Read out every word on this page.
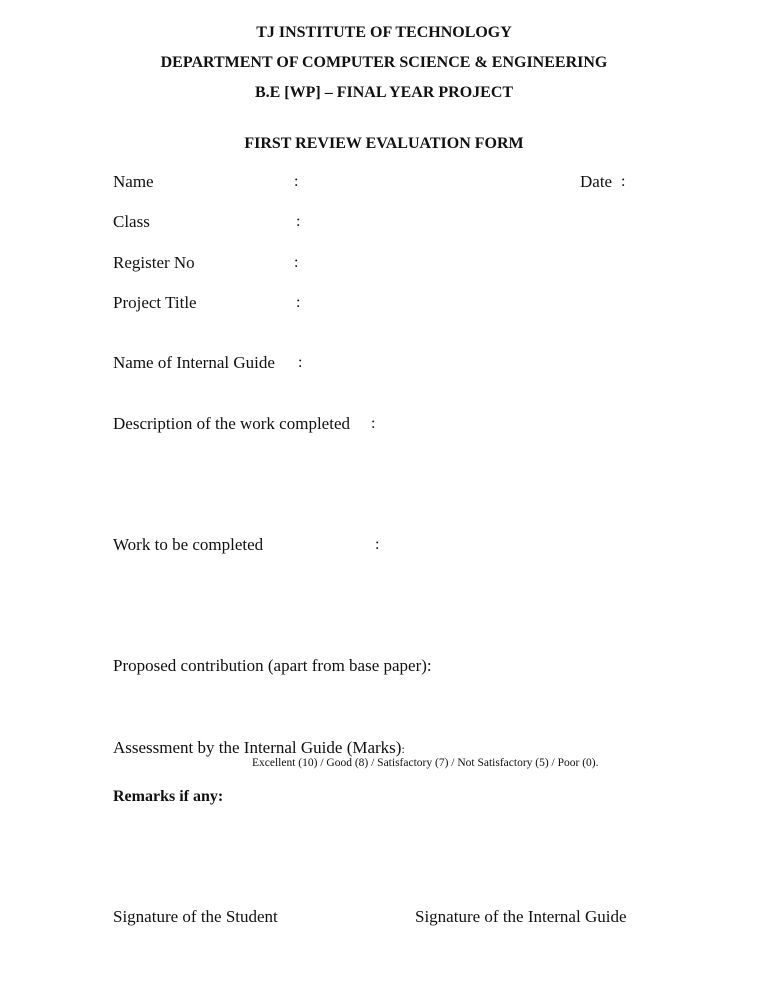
TJ INSTITUTE OF TECHNOLOGY
DEPARTMENT OF COMPUTER SCIENCE & ENGINEERING
B.E [WP] – FINAL YEAR PROJECT
FIRST REVIEW EVALUATION FORM
Name	:	Date :
Class	:
Register No	:
Project Title	:
Name of Internal Guide :
Description of the work completed :
Work to be completed	:
Proposed contribution (apart from base paper):
Assessment by the Internal Guide (Marks):
Excellent (10) / Good (8) / Satisfactory (7) / Not Satisfactory (5) / Poor (0).
Remarks if any:
Signature of the Student	Signature of the Internal Guide
